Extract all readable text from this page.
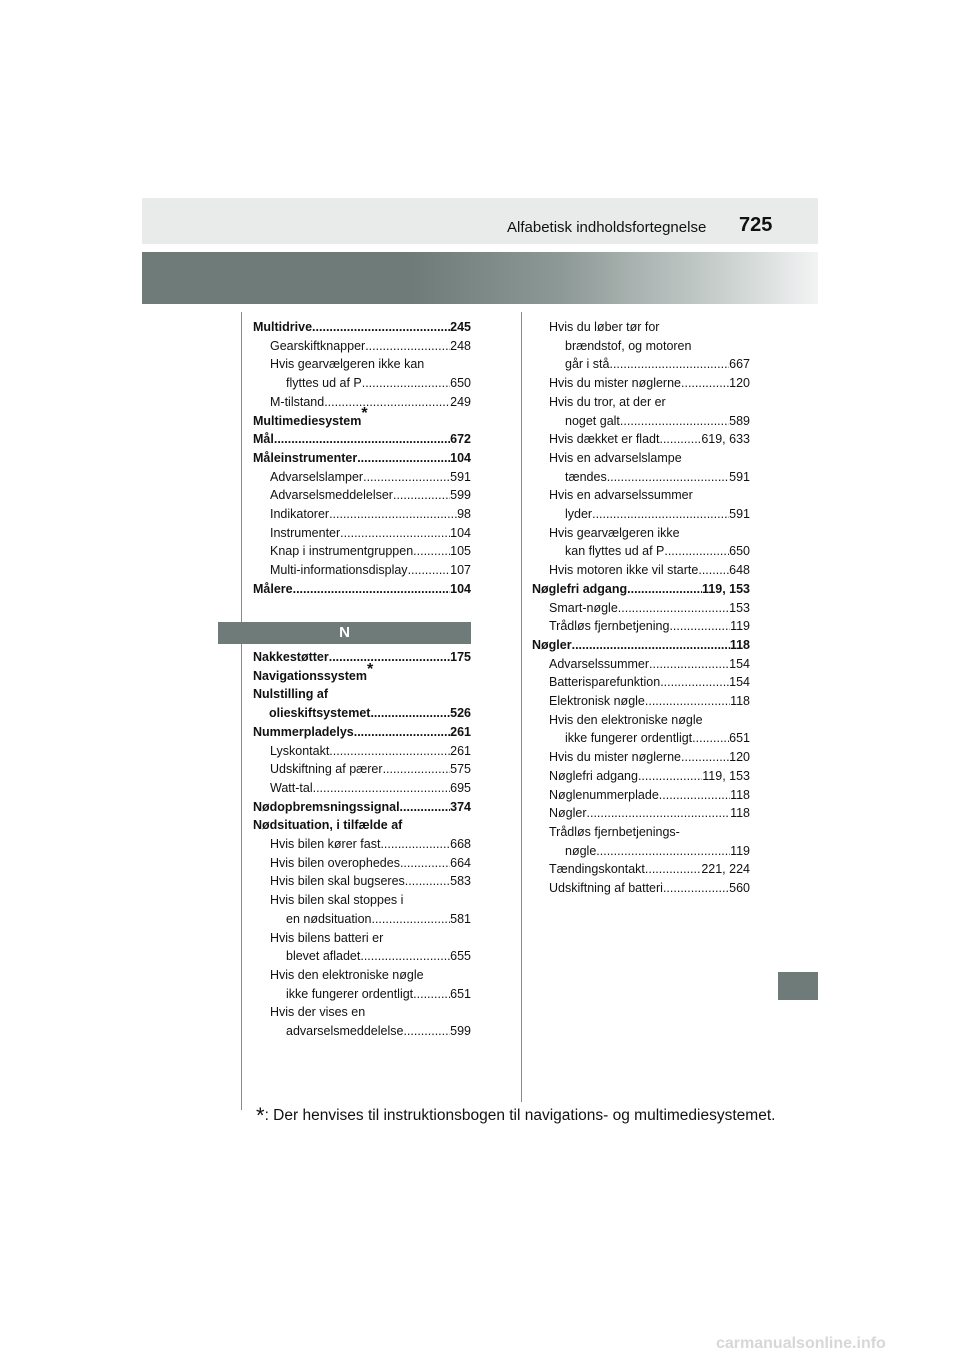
Alfabetisk indholdsfortegnelse 725
Multidrive .....	245
Gearskiftknapper .....	248
Hvis gearvælgeren ikke kan
flyttes ud af P .....	650
M-tilstand .....	249
Multimediesystem*
Mål .....	672
Måleinstrumenter .....	104
Advarselslamper .....	591
Advarselsmeddelelser .....	599
Indikatorer .....	98
Instrumenter .....	104
Knap i instrumentgruppen .....	105
Multi-informationsdisplay .....	107
Målere .....	104
N
Nakkestøtter .....	175
Navigationssystem*
Nulstilling af
olieskiftsystemet .....	526
Nummerpladelys .....	261
Lyskontakt .....	261
Udskiftning af pærer .....	575
Watt-tal .....	695
Nødopbremsningssignal .....	374
Nødsituation, i tilfælde af
Hvis bilen kører fast .....	668
Hvis bilen overophedes .....	664
Hvis bilen skal bugseres .....	583
Hvis bilen skal stoppes i
en nødsituation .....	581
Hvis bilens batteri er
blevet afladet .....	655
Hvis den elektroniske nøgle
ikke fungerer ordentligt .....	651
Hvis der vises en
advarselsmeddelelse .....	599
Hvis du løber tør for
brændstof, og motoren
går i stå .....	667
Hvis du mister nøglerne .....	120
Hvis du tror, at der er
noget galt .....	589
Hvis dækket er fladt .....	619, 633
Hvis en advarselslampe
tændes .....	591
Hvis en advarselssummer
lyder .....	591
Hvis gearvælgeren ikke
kan flyttes ud af P .....	650
Hvis motoren ikke vil starte ..... 648
Nøglefri adgang .....	119, 153
Smart-nøgle .....	153
Trådløs fjernbetjening .....	119
Nøgler .....	118
Advarselssummer .....	154
Batterisparefunktion .....	154
Elektronisk nøgle .....	118
Hvis den elektroniske nøgle
ikke fungerer ordentligt .....	651
Hvis du mister nøglerne .....	120
Nøglefri adgang .....	119, 153
Nøglenummerplade .....	118
Nøgler .....	118
Trådløs fjernbetjenings-
nøgle .....	119
Tændingskontakt .....	221, 224
Udskiftning af batteri .....	560
*: Der henvises til instruktionsbogen til navigations- og multimediesystemet.
carmanualsonline.info
